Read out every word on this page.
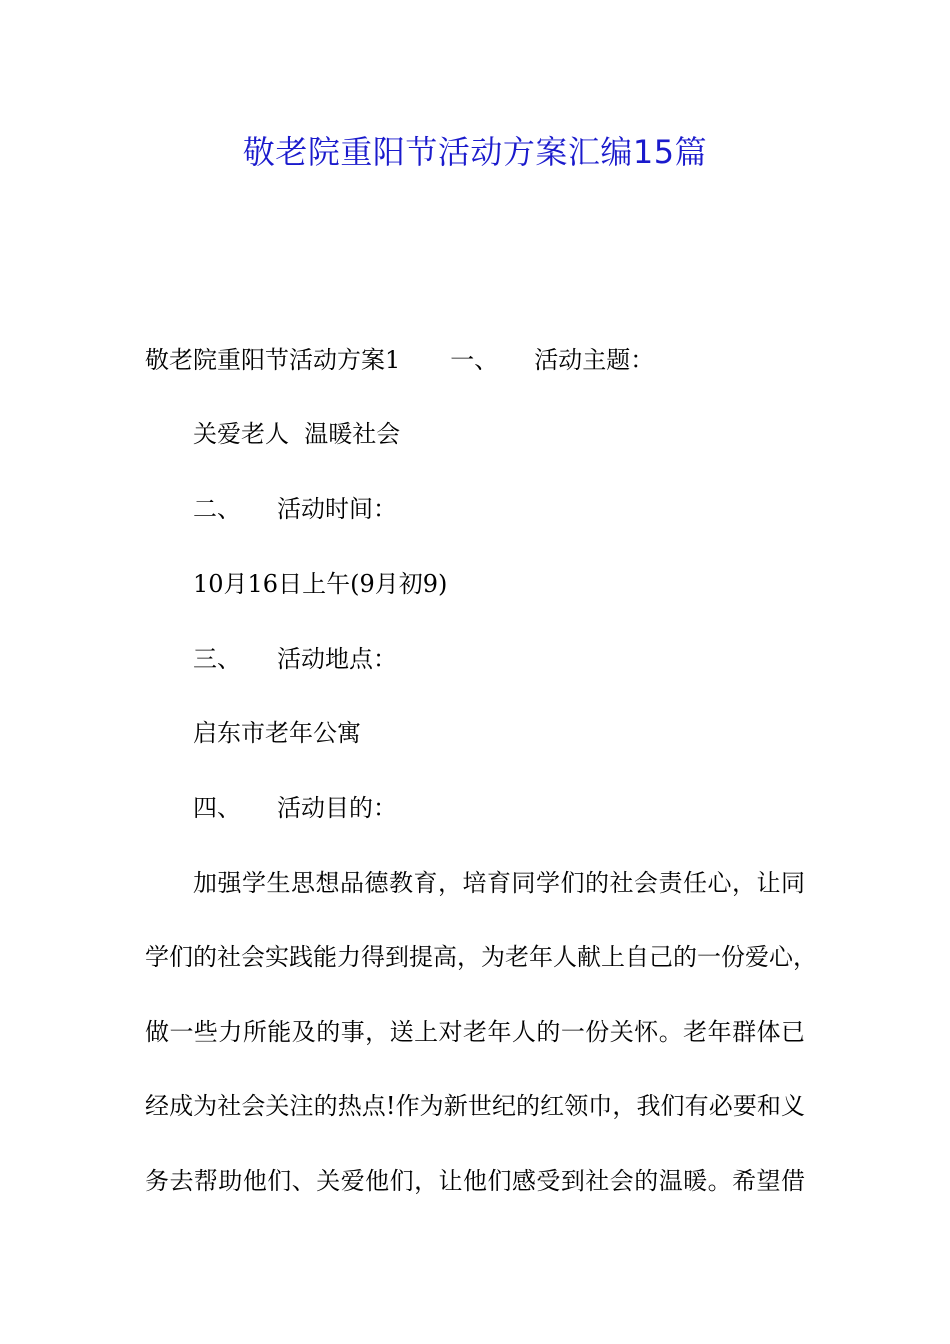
敬老院重阳节活动方案汇编15篇
敬老院重阳节活动方案1 一、 活动主题：
关爱老人  温暖社会
二、 活动时间：
10月16日上午(9月初9)
三、 活动地点：
启东市老年公寓
四、 活动目的：
加强学生思想品德教育，培育同学们的社会责任心，让同
学们的社会实践能力得到提高，为老年人献上自己的一份爱心，
做一些力所能及的事，送上对老年人的一份关怀。老年群体已
经成为社会关注的热点!作为新世纪的红领巾，我们有必要和义
务去帮助他们、关爱他们，让他们感受到社会的温暖。希望借
